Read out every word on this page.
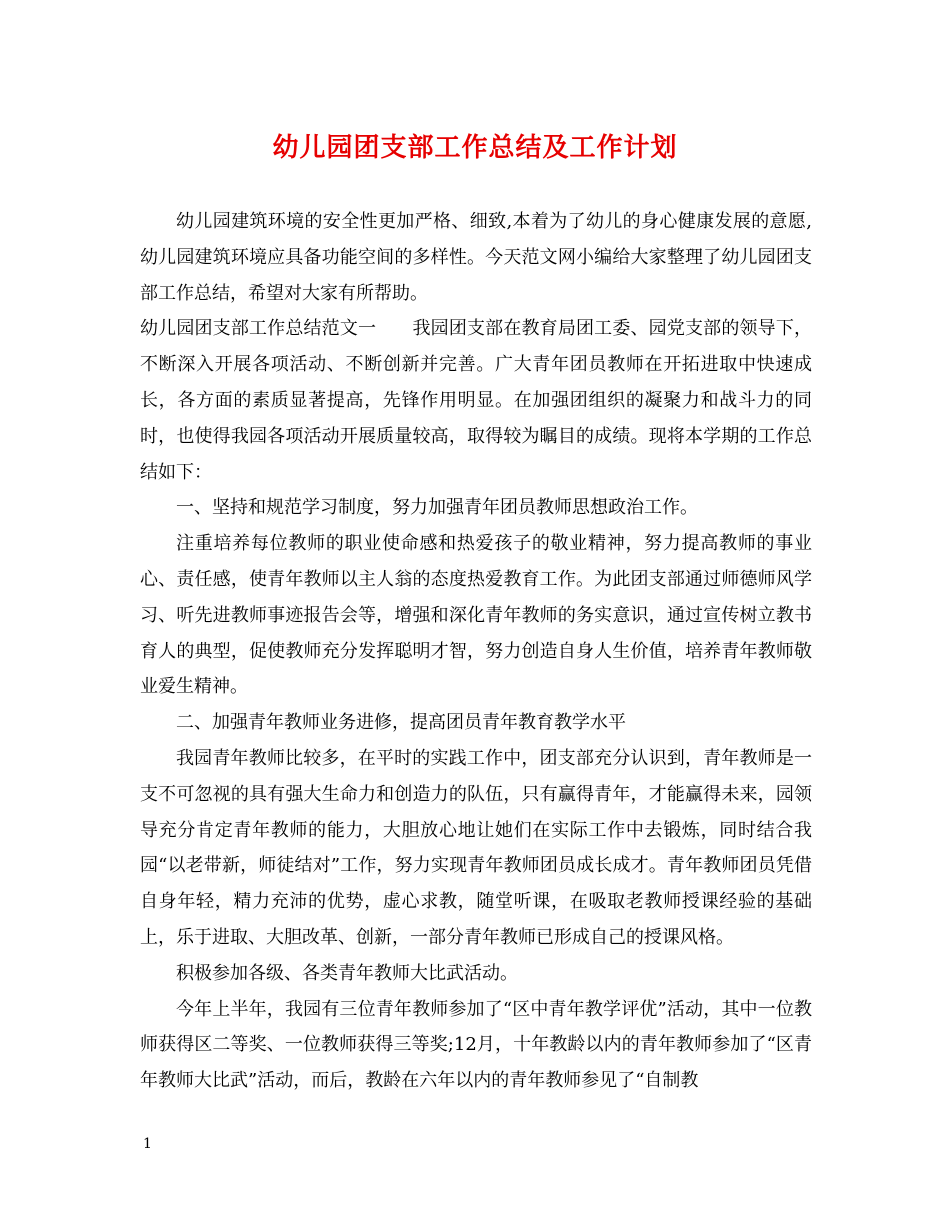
幼儿园团支部工作总结及工作计划

幼儿园建筑环境的安全性更加严格、细致,本着为了幼儿的身心健康发展的意愿,幼儿园建筑环境应具备功能空间的多样性。今天范文网小编给大家整理了幼儿园团支部工作总结，希望对大家有所帮助。

幼儿园团支部工作总结范文一　　我园团支部在教育局团工委、园党支部的领导下，不断深入开展各项活动、不断创新并完善。广大青年团员教师在开拓进取中快速成长，各方面的素质显著提高，先锋作用明显。在加强团组织的凝聚力和战斗力的同时，也使得我园各项活动开展质量较高，取得较为瞩目的成绩。现将本学期的工作总结如下：

一、坚持和规范学习制度，努力加强青年团员教师思想政治工作。

注重培养每位教师的职业使命感和热爱孩子的敬业精神，努力提高教师的事业心、责任感，使青年教师以主人翁的态度热爱教育工作。为此团支部通过师德师风学习、听先进教师事迹报告会等，增强和深化青年教师的务实意识，通过宣传树立教书育人的典型，促使教师充分发挥聪明才智，努力创造自身人生价值，培养青年教师敬业爱生精神。

二、加强青年教师业务进修，提高团员青年教育教学水平

我园青年教师比较多，在平时的实践工作中，团支部充分认识到，青年教师是一支不可忽视的具有强大生命力和创造力的队伍，只有赢得青年，才能赢得未来，园领导充分肯定青年教师的能力，大胆放心地让她们在实际工作中去锻炼，同时结合我园“以老带新，师徒结对”工作，努力实现青年教师团员成长成才。青年教师团员凭借自身年轻，精力充沛的优势，虚心求教，随堂听课，在吸取老教师授课经验的基础上，乐于进取、大胆改革、创新，一部分青年教师已形成自己的授课风格。

积极参加各级、各类青年教师大比武活动。

今年上半年，我园有三位青年教师参加了“区中青年教学评优”活动，其中一位教师获得区二等奖、一位教师获得三等奖;12月，十年教龄以内的青年教师参加了“区青年教师大比武”活动，而后，教龄在六年以内的青年教师参见了“自制教

1
